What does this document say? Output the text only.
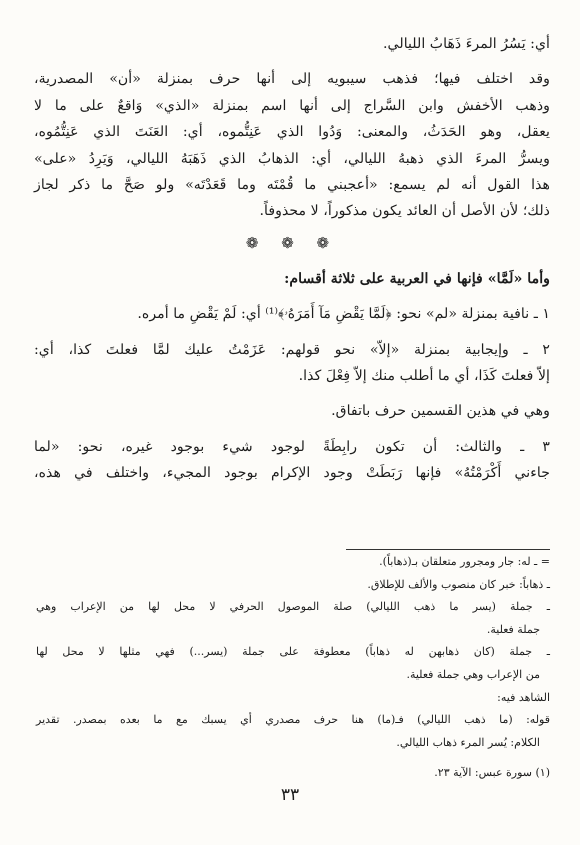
أي: يَسُرُ المرءَ ذَهَابُ الليالي.
وقد اختلف فيها؛ فذهب سيبويه إلى أنها حرف بمنزلة «أن» المصدرية،
وذهب الأخفش وابن السَّراج إلى أنها اسم بمنزلة «الذي» وَاقعٌ على ما لا
يعقل، وهو الحَدَثُ، والمعنى: وَدُوا الذي عَنِتُّموه، أي: العَنَتَ الذي عَنِتُّمُوه،
ويسرُّ المرءَ الذي ذهبهُ الليالي، أي: الذهابُ الذي ذَهَبَهُ الليالي، وَيَرِدُ «على»
هذا القول أنه لم يسمع: «أعجبني ما قُمْتَه وما قَعَدْتَه» ولو صَحَّ ما ذكر لجاز
ذلك؛ لأن الأصل أن العائد يكون مذكوراً، لا محذوفاً.
❁ ❁ ❁
وأما «لَمَّا» فإنها في العربية على ثلاثة أقسام:
١ ـ نافية بمنزلة «لم» نحو: ﴿لَمَّا يَقْضِ مَآ أَمَرَهُۥ﴾⁽¹⁾ أي: لَمْ يَقْضِ ما أمره.
٢ ـ وإيجابية بمنزلة «إلاّ» نحو قولهم: عَزَمْتُ عليك لمَّا فعلتَ كذا، أي:
إلاّ فعلتَ كَذَا، أي ما أطلب منك إلاّ فِعْلَ كذا.
وهي في هذين القسمين حرف باتفاق.
٣ ـ والثالث: أن تكون رابِطَةً لوجود شيء بوجود غيره، نحو: «لما
جاءني أَكْرَمْتُهُ» فإنها رَبَطَتْ وجود الإكرام بوجود المجيء، واختلف في هذه،
= ـ له: جار ومجرور متعلقان بـ(ذهاباً).
ـ ذهاباً: خبر كان منصوب والألف للإطلاق.
ـ جملة (يسر ما ذهب الليالي) صلة الموصول الحرفي لا محل لها من الإعراب وهي
جملة فعلية.
ـ جملة (كان ذهابهن له ذهاباً) معطوفة على جملة (يسر...) فهي مثلها لا محل لها
من الإعراب وهي جملة فعلية.
الشاهد فيه:
قوله: (ما ذهب الليالي) فـ(ما) هنا حرف مصدري أي يسبك مع ما بعده بمصدر. تقدير
الكلام: يُسر المرء ذهاب الليالي.
(١) سورة عبس: الآية ٢٣.
٣٣
